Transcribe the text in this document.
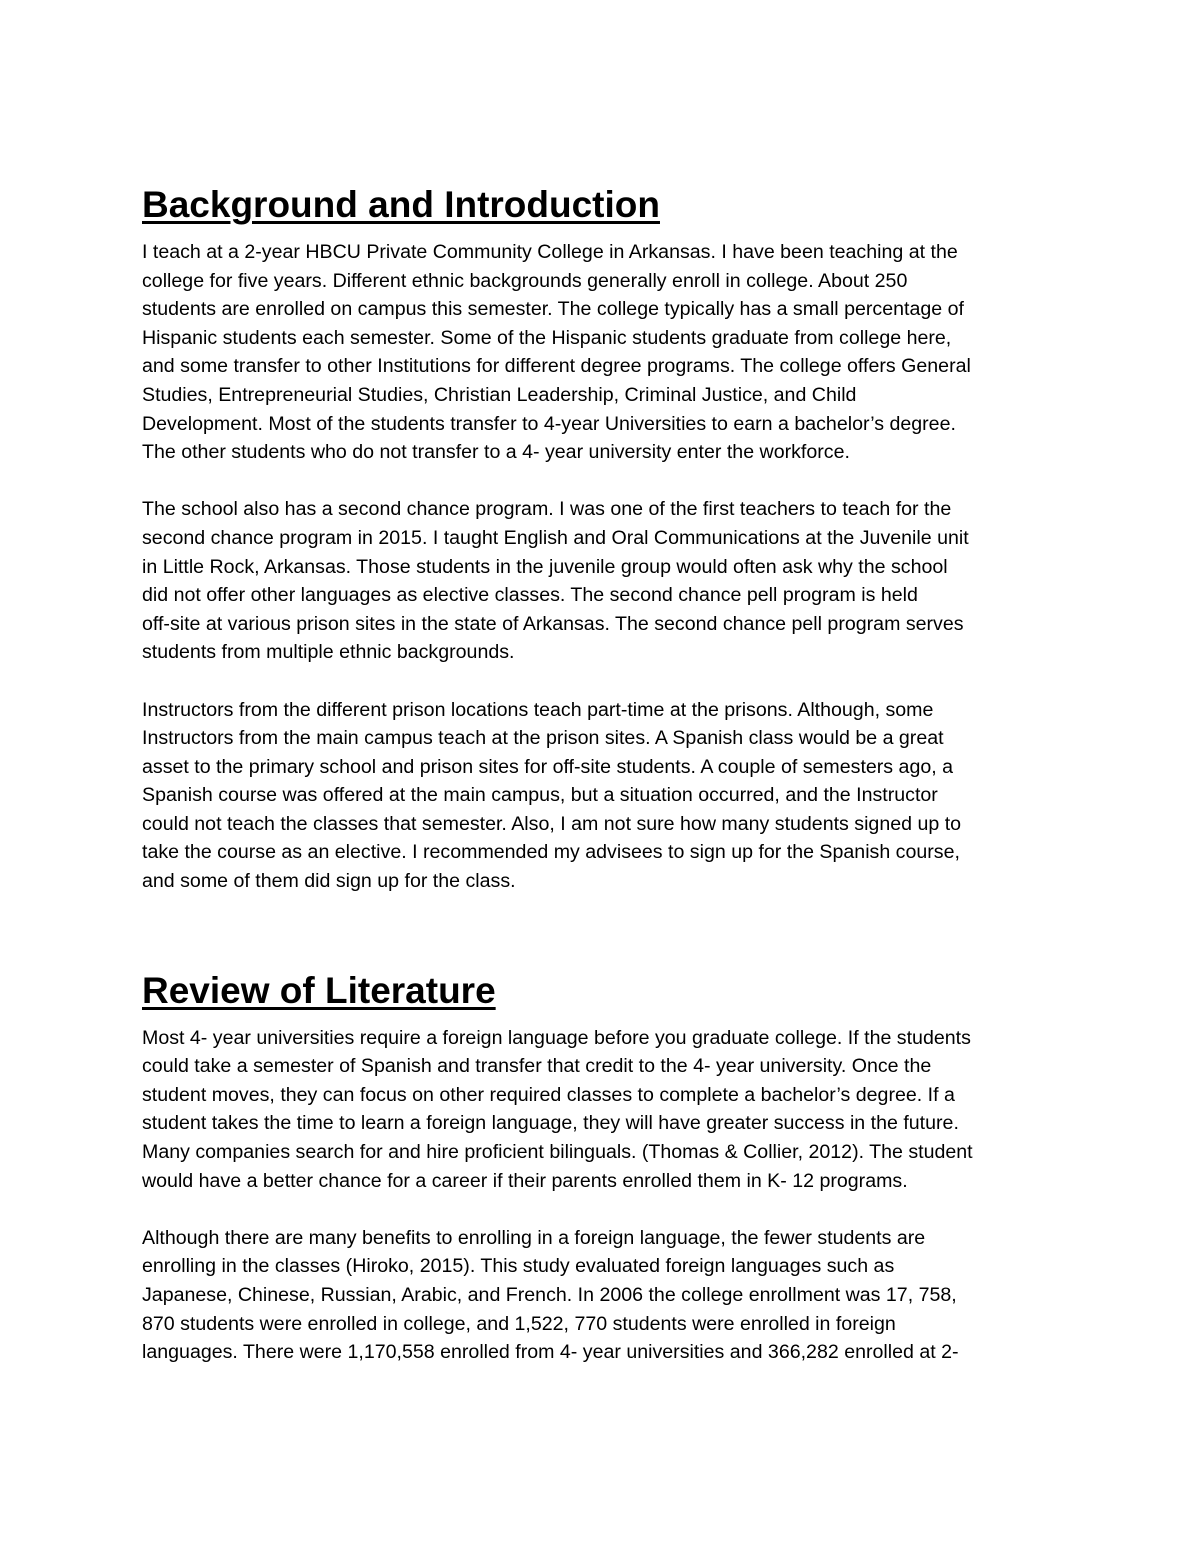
Background and Introduction

I teach at a 2-year HBCU Private Community College in Arkansas. I have been teaching at the
college for five years. Different ethnic backgrounds generally enroll in college. About 250
students are enrolled on campus this semester. The college typically has a small percentage of
Hispanic students each semester. Some of the Hispanic students graduate from college here,
and some transfer to other Institutions for different degree programs. The college offers General
Studies, Entrepreneurial Studies, Christian Leadership, Criminal Justice, and Child
Development. Most of the students transfer to 4-year Universities to earn a bachelor’s degree.
The other students who do not transfer to a 4- year university enter the workforce.

The school also has a second chance program. I was one of the first teachers to teach for the
second chance program in 2015. I taught English and Oral Communications at the Juvenile unit
in Little Rock, Arkansas. Those students in the juvenile group would often ask why the school
did not offer other languages as elective classes. The second chance pell program is held
off-site at various prison sites in the state of Arkansas. The second chance pell program serves
students from multiple ethnic backgrounds.

Instructors from the different prison locations teach part-time at the prisons. Although, some
Instructors from the main campus teach at the prison sites. A Spanish class would be a great
asset to the primary school and prison sites for off-site students. A couple of semesters ago, a
Spanish course was offered at the main campus, but a situation occurred, and the Instructor
could not teach the classes that semester. Also, I am not sure how many students signed up to
take the course as an elective. I recommended my advisees to sign up for the Spanish course,
and some of them did sign up for the class.

Review of Literature

Most 4- year universities require a foreign language before you graduate college. If the students
could take a semester of Spanish and transfer that credit to the 4- year university. Once the
student moves, they can focus on other required classes to complete a bachelor’s degree. If a
student takes the time to learn a foreign language, they will have greater success in the future.
Many companies search for and hire proficient bilinguals. (Thomas & Collier, 2012). The student
would have a better chance for a career if their parents enrolled them in K- 12 programs.

Although there are many benefits to enrolling in a foreign language, the fewer students are
enrolling in the classes (Hiroko, 2015). This study evaluated foreign languages such as
Japanese, Chinese, Russian, Arabic, and French. In 2006 the college enrollment was 17, 758,
870 students were enrolled in college, and 1,522, 770 students were enrolled in foreign
languages. There were 1,170,558 enrolled from 4- year universities and 366,282 enrolled at 2-
